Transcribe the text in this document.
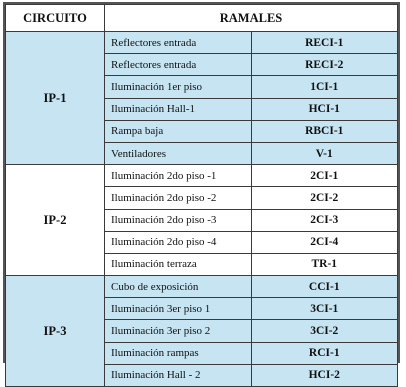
CIRCUITO	RAMALES	
IP-1	Reflectores entrada	RECI-1
	Reflectores entrada	RECI-2
	Iluminación 1er piso	1CI-1
	Iluminación Hall-1	HCI-1
	Rampa baja	RBCI-1
	Ventiladores	V-1
IP-2	Iluminación 2do piso -1	2CI-1
	Iluminación 2do piso -2	2CI-2
	Iluminación 2do piso -3	2CI-3
	Iluminación 2do piso -4	2CI-4
	Iluminación terraza	TR-1
IP-3	Cubo de exposición	CCI-1
	Iluminación 3er piso 1	3CI-1
	Iluminación 3er piso 2	3CI-2
	Iluminación rampas	RCI-1
	Iluminación Hall - 2	HCI-2
